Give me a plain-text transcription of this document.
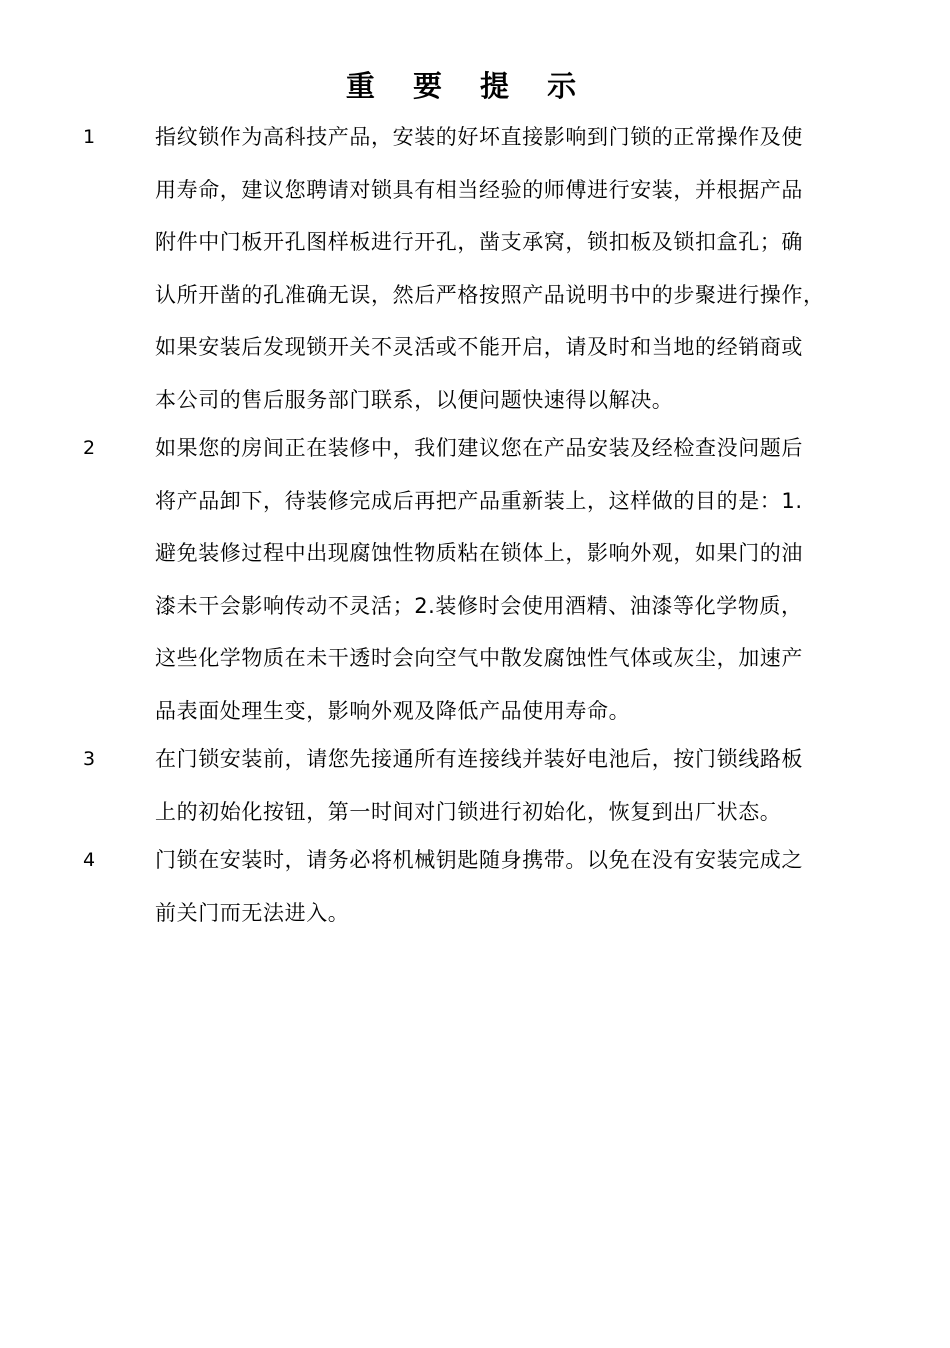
重 要 提 示
1	指纹锁作为高科技产品，安装的好坏直接影响到门锁的正常操作及使
用寿命，建议您聘请对锁具有相当经验的师傅进行安装，并根据产品
附件中门板开孔图样板进行开孔，凿支承窝，锁扣板及锁扣盒孔；确
认所开凿的孔准确无误，然后严格按照产品说明书中的步聚进行操作，
如果安装后发现锁开关不灵活或不能开启，请及时和当地的经销商或
本公司的售后服务部门联系，以便问题快速得以解决。
2	如果您的房间正在装修中，我们建议您在产品安装及经检查没问题后
将产品卸下，待装修完成后再把产品重新装上，这样做的目的是：1.
避免装修过程中出现腐蚀性物质粘在锁体上，影响外观，如果门的油
漆未干会影响传动不灵活；2.装修时会使用酒精、油漆等化学物质，
这些化学物质在未干透时会向空气中散发腐蚀性气体或灰尘，加速产
品表面处理生变，影响外观及降低产品使用寿命。
3	在门锁安装前，请您先接通所有连接线并装好电池后，按门锁线路板
上的初始化按钮，第一时间对门锁进行初始化，恢复到出厂状态。
4	门锁在安装时，请务必将机械钥匙随身携带。以免在没有安装完成之
前关门而无法进入。
